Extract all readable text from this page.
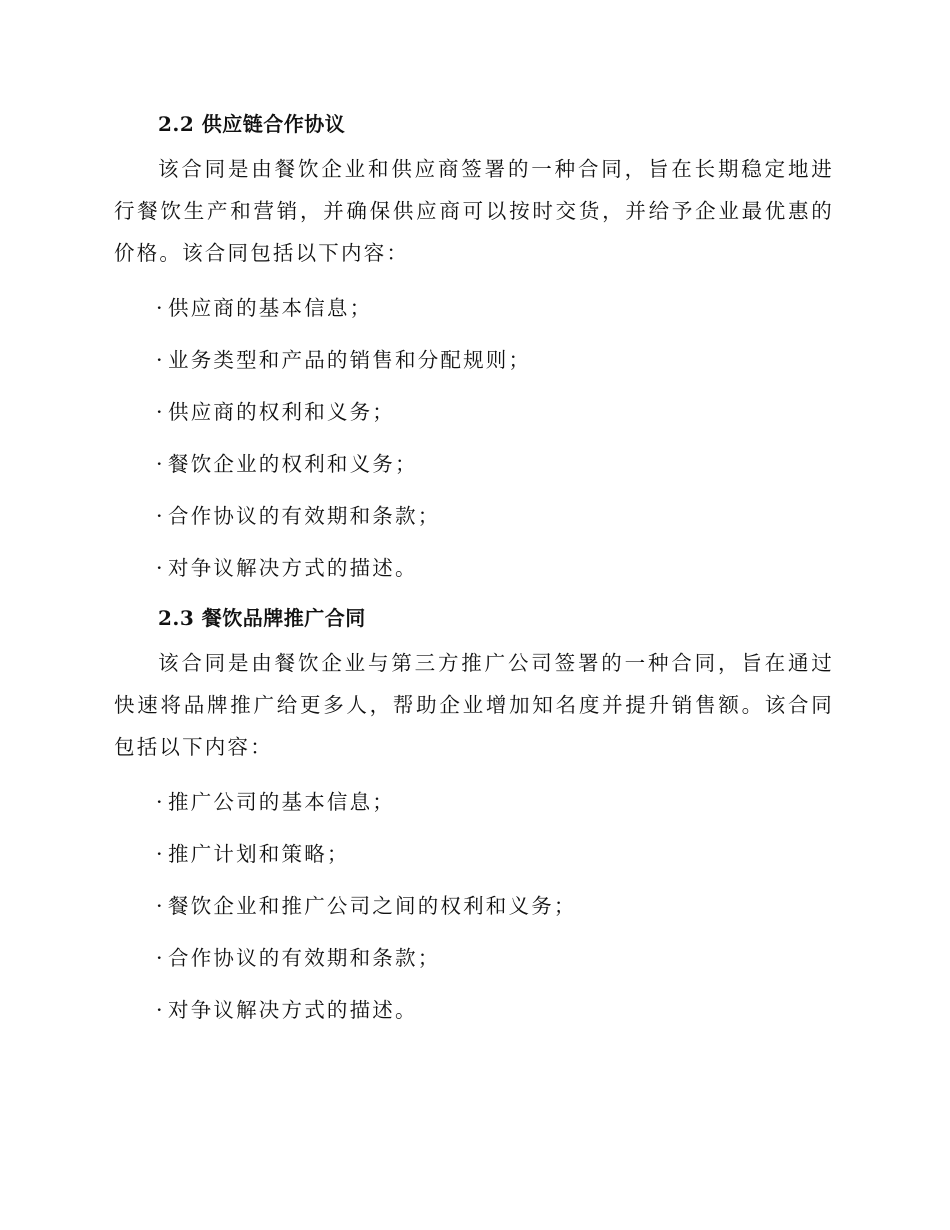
2.2 供应链合作协议

该合同是由餐饮企业和供应商签署的一种合同，旨在长期稳定地进行餐饮生产和营销，并确保供应商可以按时交货，并给予企业最优惠的价格。该合同包括以下内容：

· 供应商的基本信息；
· 业务类型和产品的销售和分配规则；
· 供应商的权利和义务；
· 餐饮企业的权利和义务；
· 合作协议的有效期和条款；
· 对争议解决方式的描述。
2.3 餐饮品牌推广合同

该合同是由餐饮企业与第三方推广公司签署的一种合同，旨在通过快速将品牌推广给更多人，帮助企业增加知名度并提升销售额。该合同包括以下内容：

· 推广公司的基本信息；
· 推广计划和策略；
· 餐饮企业和推广公司之间的权利和义务；
· 合作协议的有效期和条款；
· 对争议解决方式的描述。
